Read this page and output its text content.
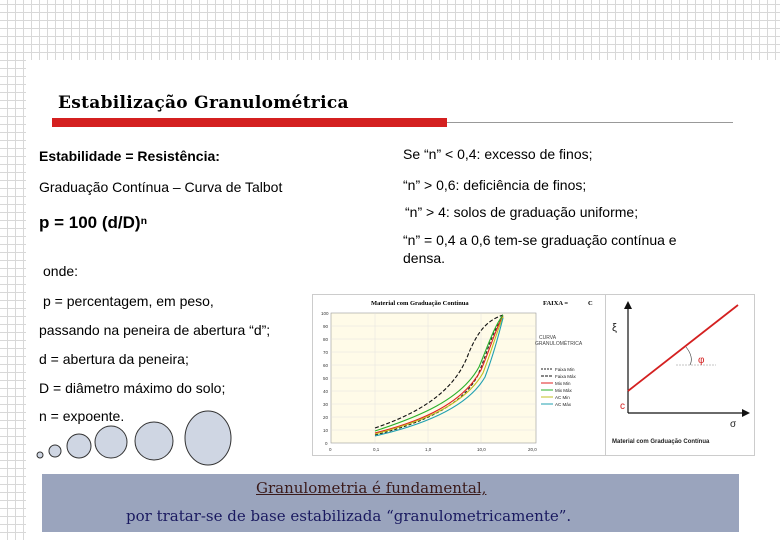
Estabilização Granulométrica
Estabilidade = Resistência:
Graduação Contínua – Curva de Talbot
p = 100 (d/D)ⁿ
onde:
p = percentagem, em peso,
passando na peneira de abertura “d”;
d = abertura da peneira;
D = diâmetro máximo do solo;
n = expoente.
Se “n” < 0,4: excesso de finos;
“n” > 0,6: deficiência de finos;
“n” > 4: solos de graduação uniforme;
“n” = 0,4 a 0,6 tem-se graduação contínua e
densa.
Material com Graduação Contínua	FAIXA =	C
100
90
80
70
60
50
40
30
20
10
0
0	0,1	1,0	10,0	20,0
CURVA
GRANULOMÉTRICA
Faixa Min
Faixa Máx
Mix Min
Mix Máx
AC Min
AC Máx
ξ
φ
c
σ
Material com Graduação Contínua
Granulometria é fundamental,
por tratar-se de base estabilizada “granulometricamente”.
